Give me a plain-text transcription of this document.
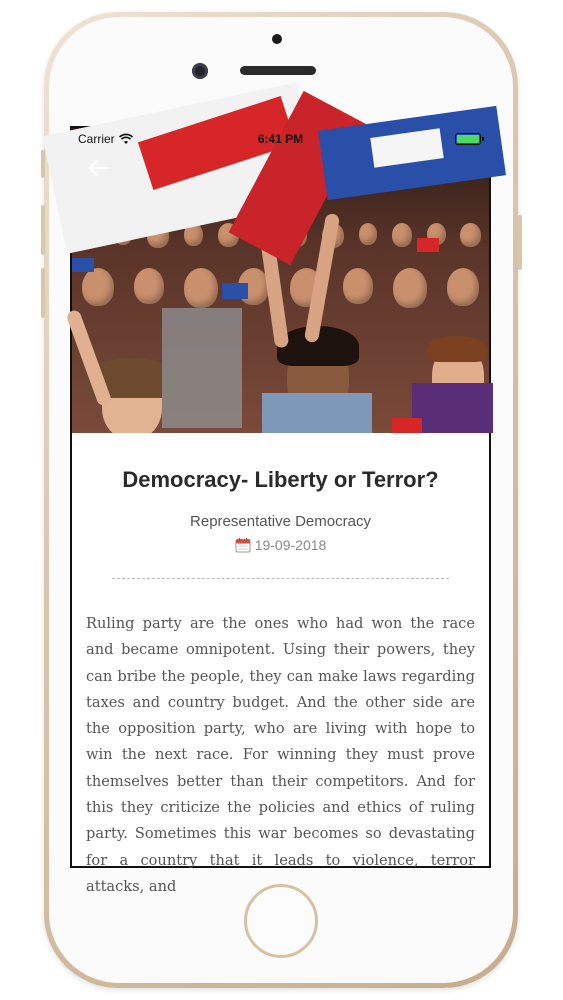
Carrier	6:41 PM
Democracy- Liberty or Terror?
Representative Democracy
19-09-2018
Ruling party are the ones who had won the race and became omnipotent. Using their powers, they can bribe the people, they can make laws regarding taxes and country budget. And the other side are the opposition party, who are living with hope to win the next race. For winning they must prove themselves better than their competitors. And for this they criticize the policies and ethics of ruling party. Sometimes this war becomes so devastating for a country that it leads to violence, terror attacks, and
